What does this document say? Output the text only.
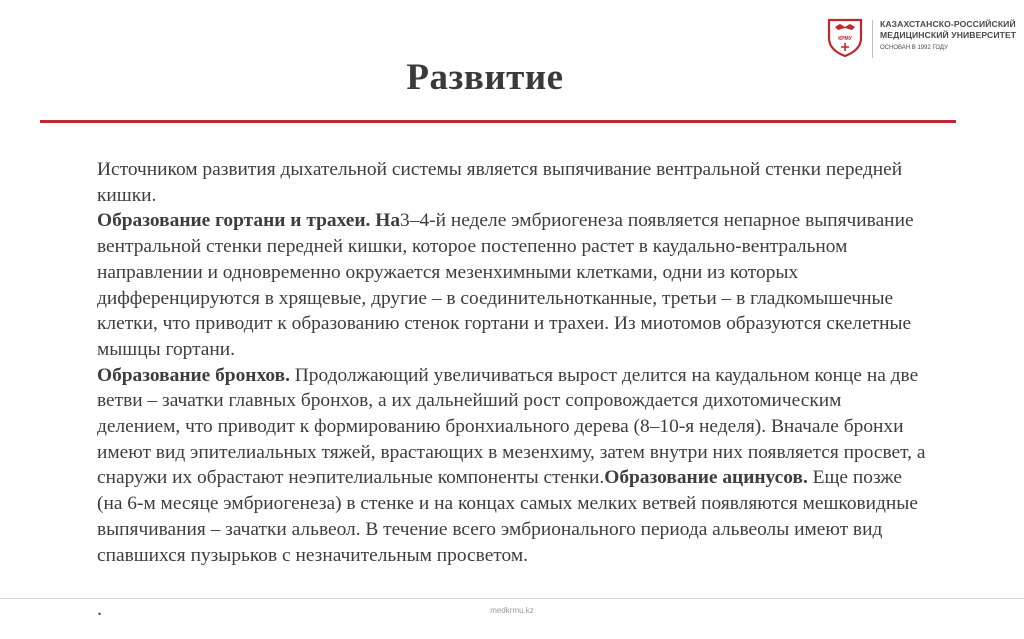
КРМУ
КАЗАХСТАНСКО-РОССИЙСКИЙ
МЕДИЦИНСКИЙ УНИВЕРСИТЕТ
ОСНОВАН В 1992 ГОДУ
Развитие

Источником развития дыхательной системы является выпячивание вентральной стенки передней кишки.

Образование гортани и трахеи. На3–4-й неделе эмбриогенеза появляется непарное выпячивание вентральной стенки передней кишки, которое постепенно растет в каудально-вентральном направлении и одновременно окружается мезенхимными клетками, одни из которых дифференцируются в хрящевые, другие – в соединительнотканные, третьи – в гладкомышечные клетки, что приводит к образованию стенок гортани и трахеи. Из миотомов образуются скелетные мышцы гортани.
Образование бронхов. Продолжающий увеличиваться вырост делится на каудальном конце на две ветви – зачатки главных бронхов, а их дальнейший рост сопровождается дихотомическим делением, что приводит к формированию бронхиального дерева (8–10-я неделя). Вначале бронхи имеют вид эпителиальных тяжей, врастающих в мезенхиму, затем внутри них появляется просвет, а снаружи их обрастают неэпителиальные компоненты стенки.Образование ацинусов. Еще позже (на 6-м месяце эмбриогенеза) в стенке и на концах самых мелких ветвей появляются мешковидные выпячивания – зачатки альвеол. В течение всего эмбрионального периода альвеолы имеют вид спавшихся пузырьков с незначительным просветом.

.	medkrmu.kz
